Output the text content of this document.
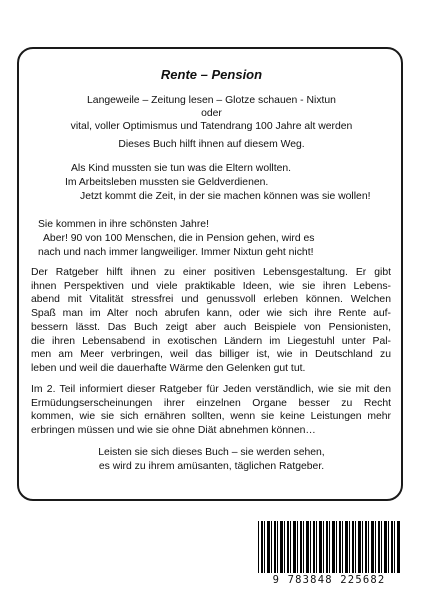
Rente – Pension
Langeweile – Zeitung lesen – Glotze schauen - Nixtun
oder
vital, voller Optimismus und Tatendrang 100 Jahre alt werden
Dieses Buch hilft ihnen auf diesem Weg.
Als Kind mussten sie tun was die Eltern wollten.
Im Arbeitsleben mussten sie Geldverdienen.
Jetzt kommt die Zeit, in der sie machen können was sie wollen!
Sie kommen in ihre schönsten Jahre!
Aber! 90 von 100 Menschen, die in Pension gehen, wird es
nach und nach immer langweiliger. Immer Nixtun geht nicht!
Der Ratgeber hilft ihnen zu einer positiven Lebensgestaltung. Er gibt
ihnen Perspektiven und viele praktikable Ideen, wie sie ihren Lebens-
abend mit Vitalität stressfrei und genussvoll erleben können. Welchen
Spaß man im Alter noch abrufen kann, oder wie sich ihre Rente auf-
bessern lässt. Das Buch zeigt aber auch Beispiele von Pensionisten,
die ihren Lebensabend in exotischen Ländern im Liegestuhl unter Pal-
men am Meer verbringen, weil das billiger ist, wie in Deutschland zu
leben und weil die dauerhafte Wärme den Gelenken gut tut.
Im 2. Teil informiert dieser Ratgeber für Jeden verständlich, wie sie mit den
Ermüdungserscheinungen ihrer einzelnen Organe besser zu Recht
kommen, wie sie sich ernähren sollten, wenn sie keine Leistungen mehr
erbringen müssen und wie sie ohne Diät abnehmen können…
Leisten sie sich dieses Buch – sie werden sehen,
es wird zu ihrem amüsanten, täglichen Ratgeber.
9 783848 225682
